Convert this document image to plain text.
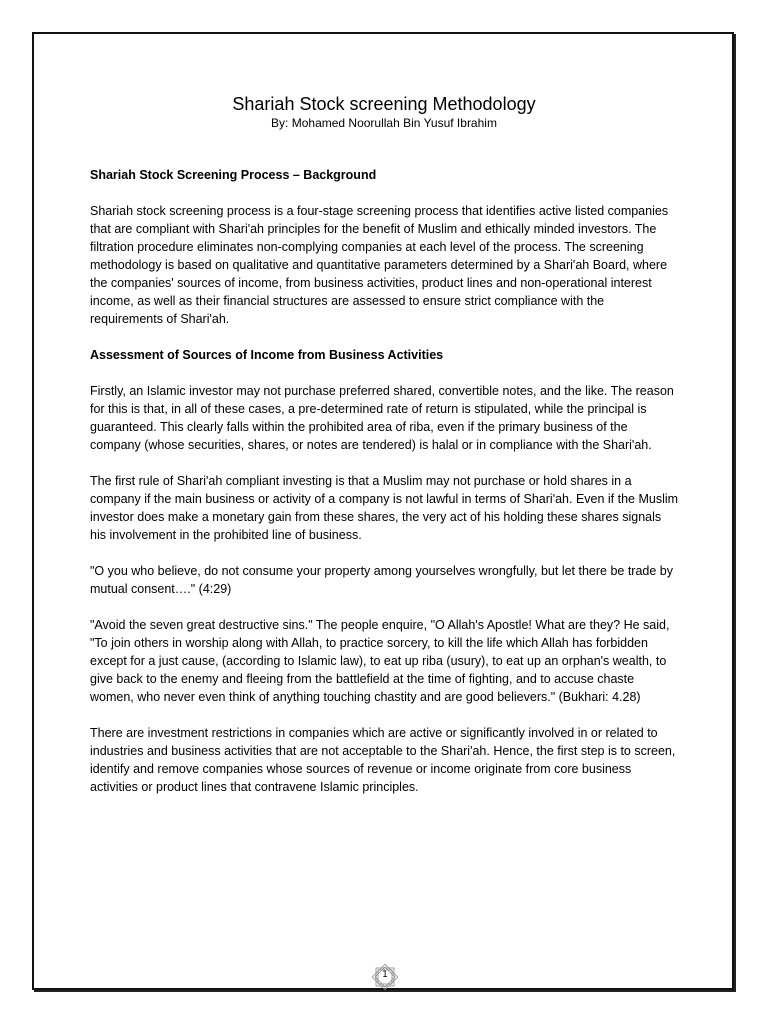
Shariah Stock screening Methodology
By: Mohamed Noorullah Bin Yusuf Ibrahim
Shariah Stock Screening Process – Background

Shariah stock screening process is a four-stage screening process that identifies active listed companies that are compliant with Shari'ah principles for the benefit of Muslim and ethically minded investors. The filtration procedure eliminates non-complying companies at each level of the process. The screening methodology is based on qualitative and quantitative parameters determined by a Shari'ah Board, where the companies' sources of income, from business activities, product lines and non-operational interest income, as well as their financial structures are assessed to ensure strict compliance with the requirements of Shari'ah.

Assessment of Sources of Income from Business Activities

Firstly, an Islamic investor may not purchase preferred shared, convertible notes, and the like. The reason for this is that, in all of these cases, a pre-determined rate of return is stipulated, while the principal is guaranteed. This clearly falls within the prohibited area of riba, even if the primary business of the company (whose securities, shares, or notes are tendered) is halal or in compliance with the Shari'ah.

The first rule of Shari'ah compliant investing is that a Muslim may not purchase or hold shares in a company if the main business or activity of a company is not lawful in terms of Shari'ah. Even if the Muslim investor does make a monetary gain from these shares, the very act of his holding these shares signals his involvement in the prohibited line of business.

"O you who believe, do not consume your property among yourselves wrongfully, but let there be trade by mutual consent…." (4:29)

"Avoid the seven great destructive sins." The people enquire, "O Allah's Apostle! What are they? He said, "To join others in worship along with Allah, to practice sorcery, to kill the life which Allah has forbidden except for a just cause, (according to Islamic law), to eat up riba (usury), to eat up an orphan's wealth, to give back to the enemy and fleeing from the battlefield at the time of fighting, and to accuse chaste women, who never even think of anything touching chastity and are good believers." (Bukhari: 4.28)

There are investment restrictions in companies which are active or significantly involved in or related to industries and business activities that are not acceptable to the Shari'ah. Hence, the first step is to screen, identify and remove companies whose sources of revenue or income originate from core business activities or product lines that contravene Islamic principles.

1
